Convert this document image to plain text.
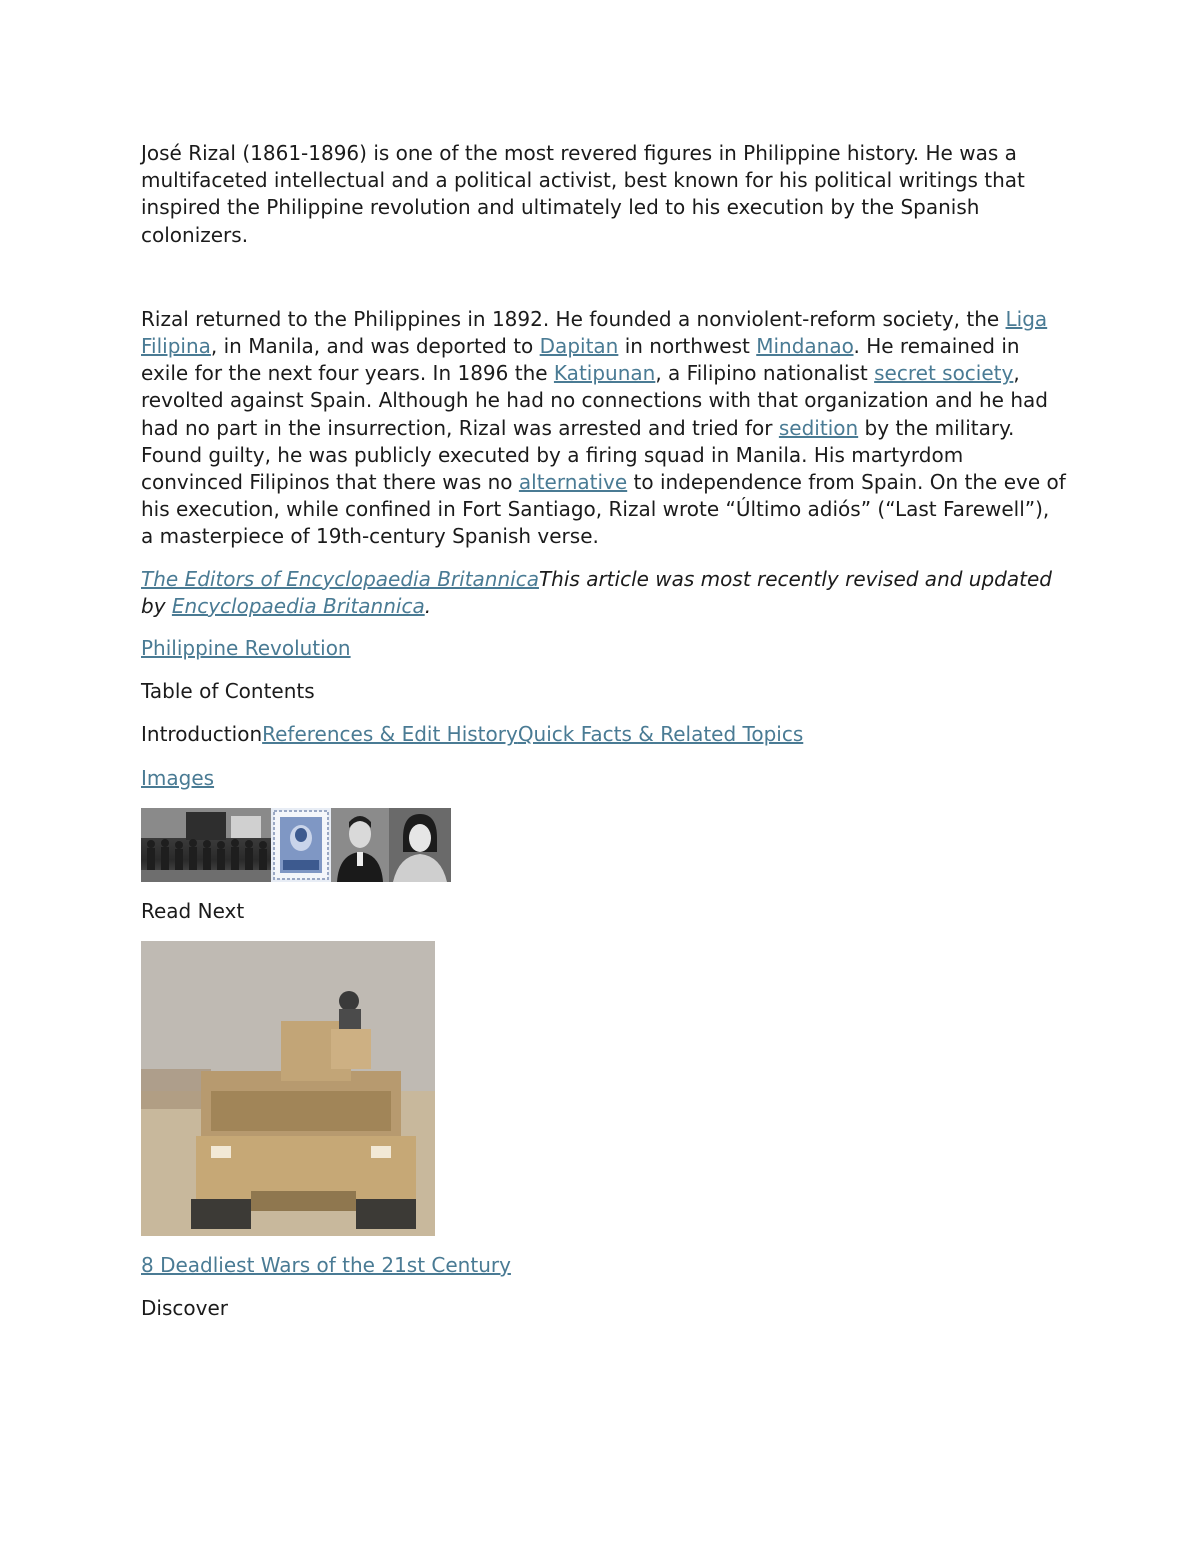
José Rizal (1861-1896) is one of the most revered figures in Philippine history. He was a multifaceted intellectual and a political activist, best known for his political writings that inspired the Philippine revolution and ultimately led to his execution by the Spanish colonizers.

Rizal returned to the Philippines in 1892. He founded a nonviolent-reform society, the Liga Filipina, in Manila, and was deported to Dapitan in northwest Mindanao. He remained in exile for the next four years. In 1896 the Katipunan, a Filipino nationalist secret society, revolted against Spain. Although he had no connections with that organization and he had had no part in the insurrection, Rizal was arrested and tried for sedition by the military. Found guilty, he was publicly executed by a firing squad in Manila. His martyrdom convinced Filipinos that there was no alternative to independence from Spain. On the eve of his execution, while confined in Fort Santiago, Rizal wrote “Último adiós” (“Last Farewell”), a masterpiece of 19th-century Spanish verse.

The Editors of Encyclopaedia BritannicaThis article was most recently revised and updated by Encyclopaedia Britannica.

Philippine Revolution
Table of Contents
IntroductionReferences & Edit HistoryQuick Facts & Related Topics
Images
Read Next
8 Deadliest Wars of the 21st Century
Discover
